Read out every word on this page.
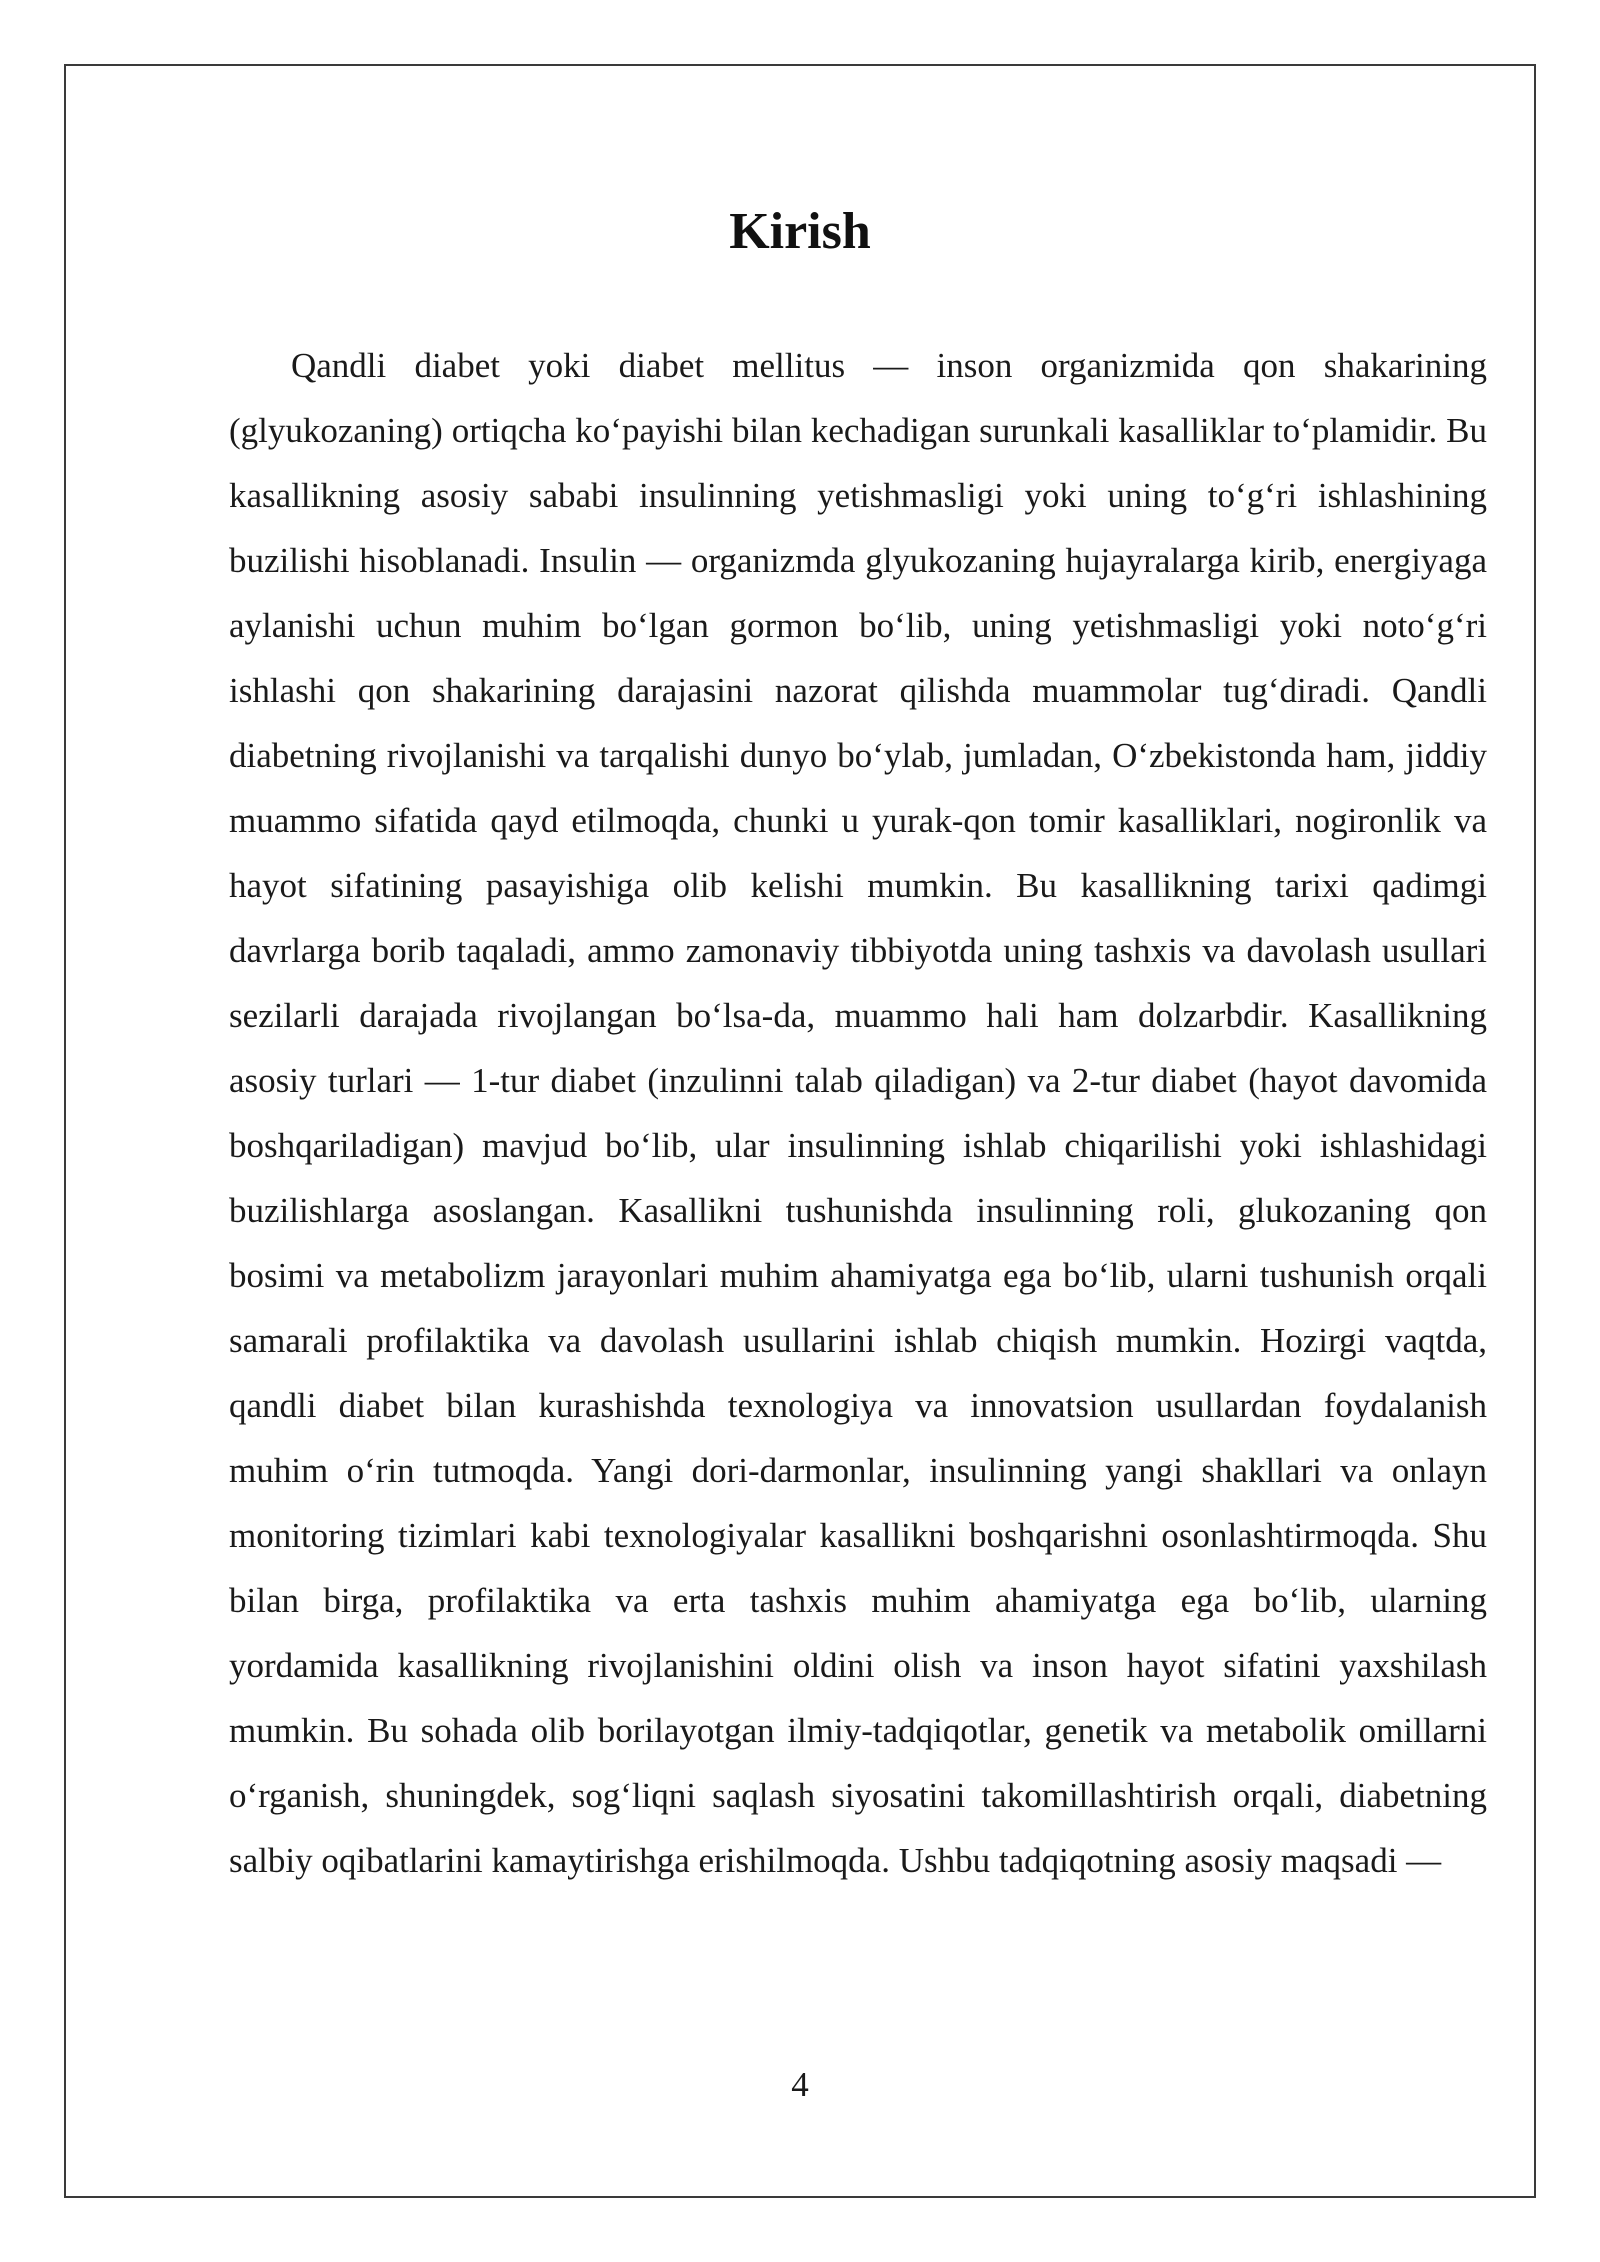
Kirish

Qandli diabet yoki diabet mellitus — inson organizmida qon shakarining (glyukozaning) ortiqcha koʻpayishi bilan kechadigan surunkali kasalliklar toʻplamidir. Bu kasallikning asosiy sababi insulinning yetishmasligi yoki uning toʻgʻri ishlashining buzilishi hisoblanadi. Insulin — organizmda glyukozaning hujayralarga kirib, energiyaga aylanishi uchun muhim boʻlgan gormon boʻlib, uning yetishmasligi yoki notoʻgʻri ishlashi qon shakarining darajasini nazorat qilishda muammolar tugʻdiradi. Qandli diabetning rivojlanishi va tarqalishi dunyo boʻylab, jumladan, Oʻzbekistonda ham, jiddiy muammo sifatida qayd etilmoqda, chunki u yurak-qon tomir kasalliklari, nogironlik va hayot sifatining pasayishiga olib kelishi mumkin. Bu kasallikning tarixi qadimgi davrlarga borib taqaladi, ammo zamonaviy tibbiyotda uning tashxis va davolash usullari sezilarli darajada rivojlangan boʻlsa-da, muammo hali ham dolzarbdir. Kasallikning asosiy turlari — 1-tur diabet (inzulinni talab qiladigan) va 2-tur diabet (hayot davomida boshqariladigan) mavjud boʻlib, ular insulinning ishlab chiqarilishi yoki ishlashidagi buzilishlarga asoslangan. Kasallikni tushunishda insulinning roli, glukozaning qon bosimi va metabolizm jarayonlari muhim ahamiyatga ega boʻlib, ularni tushunish orqali samarali profilaktika va davolash usullarini ishlab chiqish mumkin. Hozirgi vaqtda, qandli diabet bilan kurashishda texnologiya va innovatsion usullardan foydalanish muhim oʻrin tutmoqda. Yangi dori-darmonlar, insulinning yangi shakllari va onlayn monitoring tizimlari kabi texnologiyalar kasallikni boshqarishni osonlashtirmoqda. Shu bilan birga, profilaktika va erta tashxis muhim ahamiyatga ega boʻlib, ularning yordamida kasallikning rivojlanishini oldini olish va inson hayot sifatini yaxshilash mumkin. Bu sohada olib borilayotgan ilmiy-tadqiqotlar, genetik va metabolik omillarni oʻrganish, shuningdek, sogʻliqni saqlash siyosatini takomillashtirish orqali, diabetning salbiy oqibatlarini kamaytirishga erishilmoqda. Ushbu tadqiqotning asosiy maqsadi —

4
